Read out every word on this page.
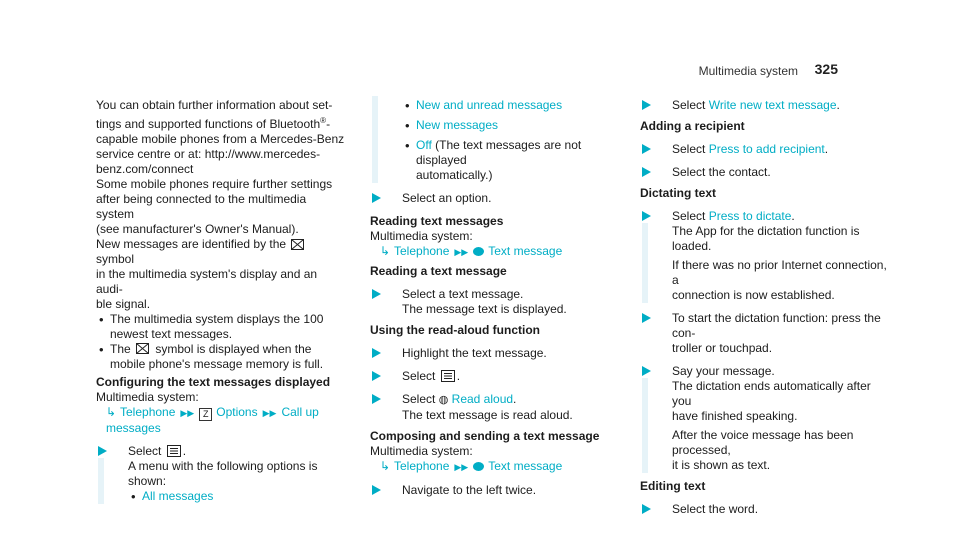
Multimedia system 325

You can obtain further information about set-
tings and supported functions of Bluetooth®-
capable mobile phones from a Mercedes-Benz
service centre or at: http://www.mercedes-
benz.com/connect

Some mobile phones require further settings
after being connected to the multimedia system
(see manufacturer's Owner's Manual).

New messages are identified by the  symbol
in the multimedia system's display and an audi-
ble signal.

• The multimedia system displays the 100
newest text messages.

• The symbol is displayed when the
mobile phone's message memory is full.

Configuring the text messages displayed

Multimedia system:

↳ Telephone ▶▶ Z Options ▶▶ Call up
messages

Select .

A menu with the following options is shown:

• All messages

• New and unread messages

• New messages

• Off (The text messages are not displayed
automatically.)

Select an option.

Reading text messages

Multimedia system:

↳ Telephone ▶▶ Text message

Reading a text message

Select a text message.

The message text is displayed.

Using the read-aloud function

Highlight the text message.

Select .

Select ◍ Read aloud.

The text message is read aloud.

Composing and sending a text message

Multimedia system:

↳ Telephone ▶▶ Text message

Navigate to the left twice.

Select Write new text message.

Adding a recipient

Select Press to add recipient.

Select the contact.

Dictating text

Select Press to dictate.

The App for the dictation function is loaded.

If there was no prior Internet connection, a

connection is now established.

To start the dictation function: press the con-

troller or touchpad.

Say your message.

The dictation ends automatically after you

have finished speaking.

After the voice message has been processed,

it is shown as text.

Editing text

Select the word.
